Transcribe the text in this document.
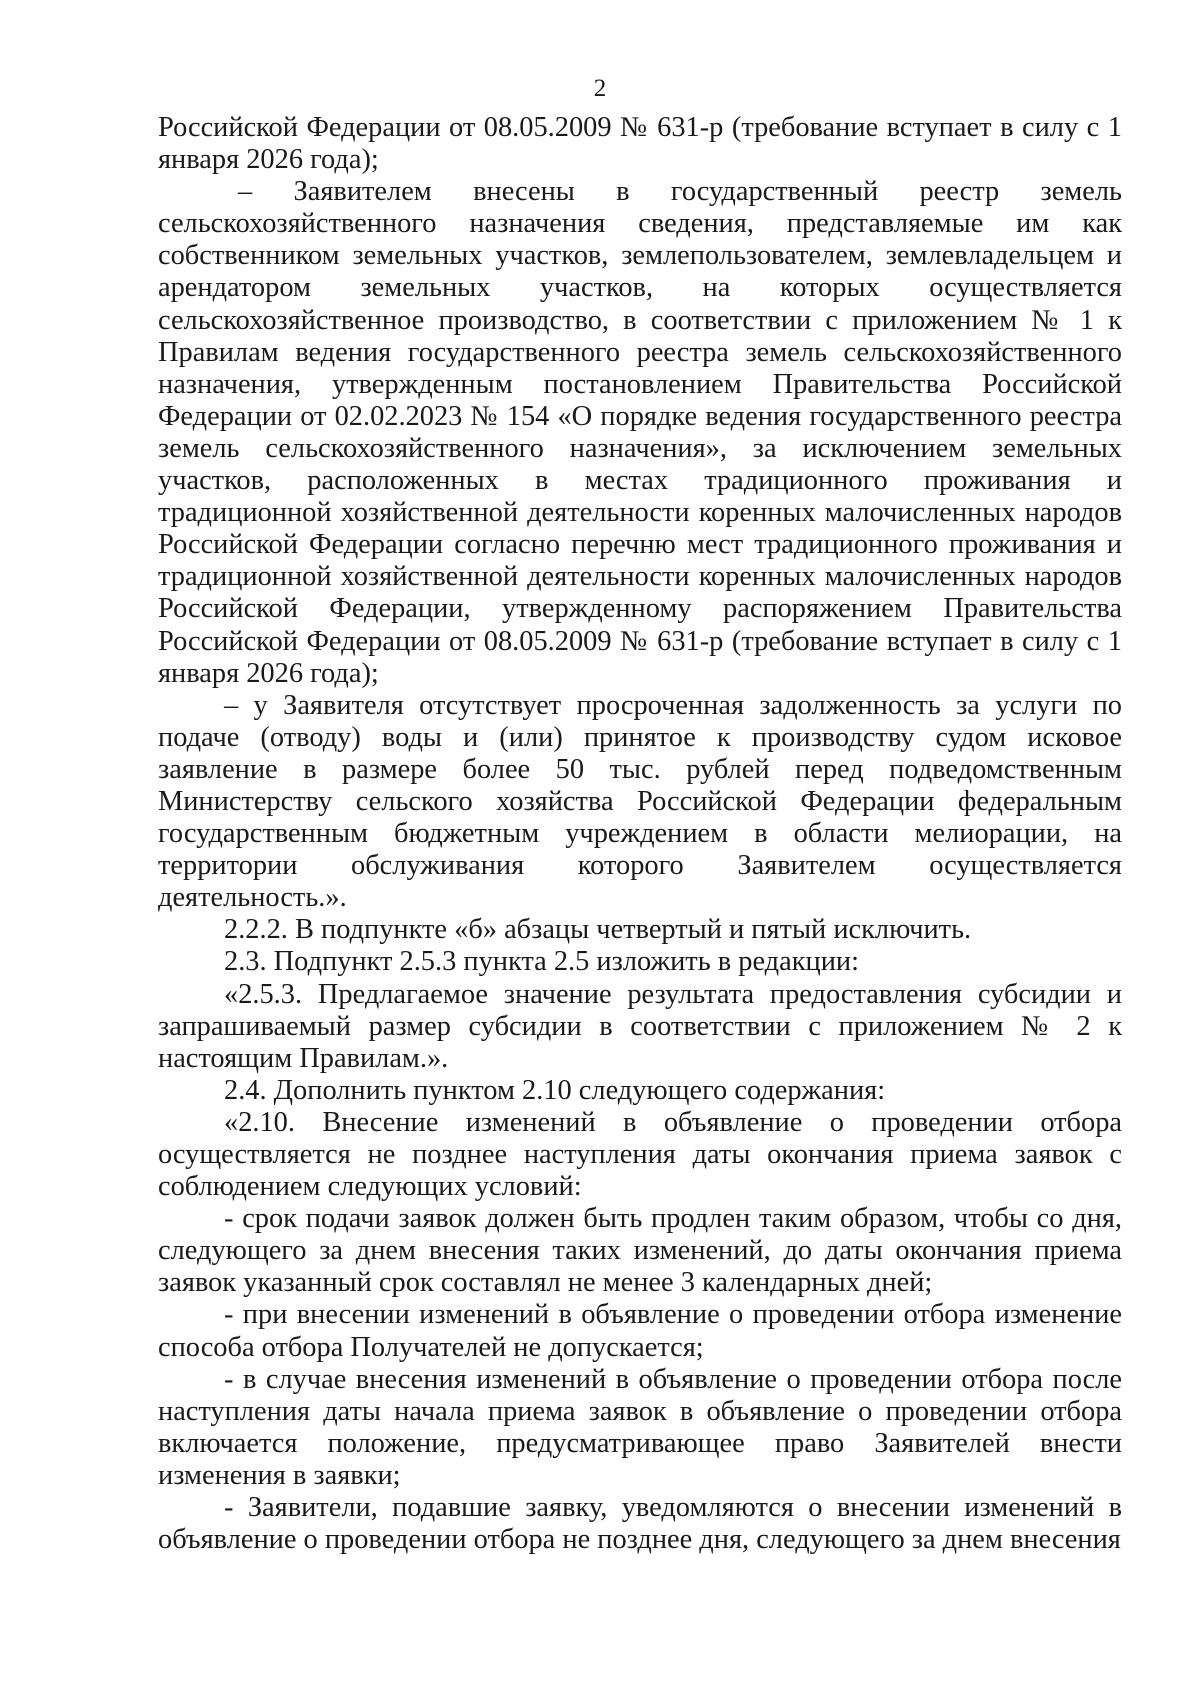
2

Российской Федерации от 08.05.2009 № 631-р (требование вступает в силу с 1 января 2026 года);

– Заявителем внесены в государственный реестр земель сельскохозяйственного назначения сведения, представляемые им как собственником земельных участков, землепользователем, землевладельцем и арендатором земельных участков, на которых осуществляется сельскохозяйственное производство, в соответствии с приложением № 1 к Правилам ведения государственного реестра земель сельскохозяйственного назначения, утвержденным постановлением Правительства Российской Федерации от 02.02.2023 № 154 «О порядке ведения государственного реестра земель сельскохозяйственного назначения», за исключением земельных участков, расположенных в местах традиционного проживания и традиционной хозяйственной деятельности коренных малочисленных народов Российской Федерации согласно перечню мест традиционного проживания и традиционной хозяйственной деятельности коренных малочисленных народов Российской Федерации, утвержденному распоряжением Правительства Российской Федерации от 08.05.2009 № 631-р (требование вступает в силу с 1 января 2026 года);

– у Заявителя отсутствует просроченная задолженность за услуги по подаче (отводу) воды и (или) принятое к производству судом исковое заявление в размере более 50 тыс. рублей перед подведомственным Министерству сельского хозяйства Российской Федерации федеральным государственным бюджетным учреждением в области мелиорации, на территории обслуживания которого Заявителем осуществляется деятельность.».

2.2.2. В подпункте «б» абзацы четвертый и пятый исключить.

2.3. Подпункт 2.5.3 пункта 2.5 изложить в редакции:

«2.5.3. Предлагаемое значение результата предоставления субсидии и запрашиваемый размер субсидии в соответствии с приложением № 2 к настоящим Правилам.».

2.4. Дополнить пунктом 2.10 следующего содержания:

«2.10. Внесение изменений в объявление о проведении отбора осуществляется не позднее наступления даты окончания приема заявок с соблюдением следующих условий:

- срок подачи заявок должен быть продлен таким образом, чтобы со дня, следующего за днем внесения таких изменений, до даты окончания приема заявок указанный срок составлял не менее 3 календарных дней;

- при внесении изменений в объявление о проведении отбора изменение способа отбора Получателей не допускается;

- в случае внесения изменений в объявление о проведении отбора после наступления даты начала приема заявок в объявление о проведении отбора включается положение, предусматривающее право Заявителей внести изменения в заявки;

- Заявители, подавшие заявку, уведомляются о внесении изменений в объявление о проведении отбора не позднее дня, следующего за днем внесения
